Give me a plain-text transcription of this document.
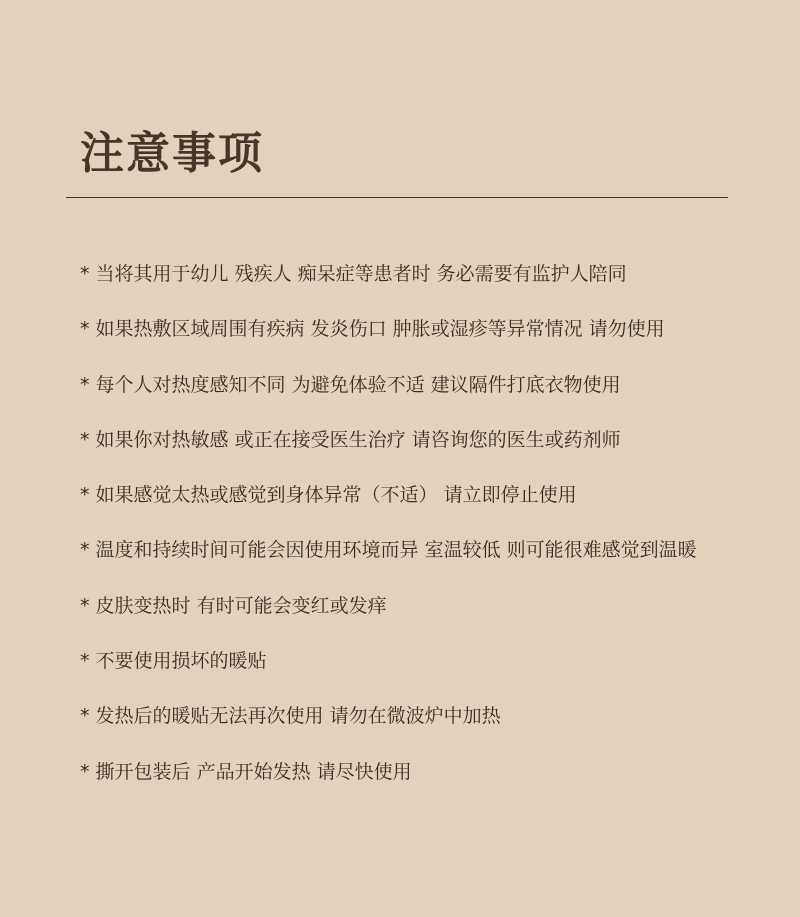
注意事项
* 当将其用于幼儿 残疾人 痴呆症等患者时 务必需要有监护人陪同
* 如果热敷区域周围有疾病 发炎伤口 肿胀或湿疹等异常情况 请勿使用
* 每个人对热度感知不同 为避免体验不适 建议隔件打底衣物使用
* 如果你对热敏感 或正在接受医生治疗 请咨询您的医生或药剂师
* 如果感觉太热或感觉到身体异常（不适） 请立即停止使用
* 温度和持续时间可能会因使用环境而异 室温较低 则可能很难感觉到温暖
* 皮肤变热时 有时可能会变红或发痒
* 不要使用损坏的暖贴
* 发热后的暖贴无法再次使用 请勿在微波炉中加热
* 撕开包装后 产品开始发热 请尽快使用
